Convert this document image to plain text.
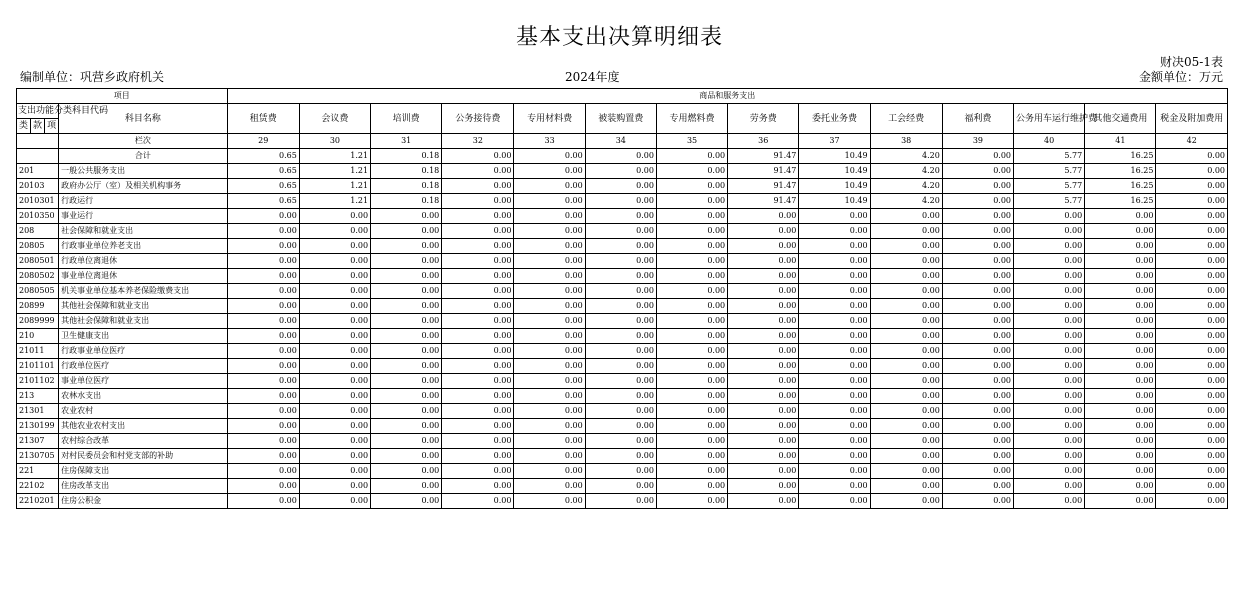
基本支出决算明细表
财决05-1表
编制单位：巩营乡政府机关	2024年度	金额单位：万元
项目				商品和服务支出													
支出功能分类科目代码			科目名称	租赁费	会议费	培训费	公务接待费	专用材料费	被装购置费	专用燃料费	劳务费	委托业务费	工会经费	福利费	公务用车运行维护费	其他交通费用	税金及附加费用
类	款	项															
			栏次	29	30	31	32	33	34	35	36	37	38	39	40	41	42
			合计	0.65	1.21	0.18	0.00	0.00	0.00	0.00	91.47	10.49	4.20	0.00	5.77	16.25	0.00
201			一般公共服务支出	0.65	1.21	0.18	0.00	0.00	0.00	0.00	91.47	10.49	4.20	0.00	5.77	16.25	0.00
20103			政府办公厅（室）及相关机构事务	0.65	1.21	0.18	0.00	0.00	0.00	0.00	91.47	10.49	4.20	0.00	5.77	16.25	0.00
2010301			行政运行	0.65	1.21	0.18	0.00	0.00	0.00	0.00	91.47	10.49	4.20	0.00	5.77	16.25	0.00
2010350			事业运行	0.00	0.00	0.00	0.00	0.00	0.00	0.00	0.00	0.00	0.00	0.00	0.00	0.00	0.00
208			社会保障和就业支出	0.00	0.00	0.00	0.00	0.00	0.00	0.00	0.00	0.00	0.00	0.00	0.00	0.00	0.00
20805			行政事业单位养老支出	0.00	0.00	0.00	0.00	0.00	0.00	0.00	0.00	0.00	0.00	0.00	0.00	0.00	0.00
2080501			行政单位离退休	0.00	0.00	0.00	0.00	0.00	0.00	0.00	0.00	0.00	0.00	0.00	0.00	0.00	0.00
2080502			事业单位离退休	0.00	0.00	0.00	0.00	0.00	0.00	0.00	0.00	0.00	0.00	0.00	0.00	0.00	0.00
2080505			机关事业单位基本养老保险缴费支出	0.00	0.00	0.00	0.00	0.00	0.00	0.00	0.00	0.00	0.00	0.00	0.00	0.00	0.00
20899			其他社会保障和就业支出	0.00	0.00	0.00	0.00	0.00	0.00	0.00	0.00	0.00	0.00	0.00	0.00	0.00	0.00
2089999			其他社会保障和就业支出	0.00	0.00	0.00	0.00	0.00	0.00	0.00	0.00	0.00	0.00	0.00	0.00	0.00	0.00
210			卫生健康支出	0.00	0.00	0.00	0.00	0.00	0.00	0.00	0.00	0.00	0.00	0.00	0.00	0.00	0.00
21011			行政事业单位医疗	0.00	0.00	0.00	0.00	0.00	0.00	0.00	0.00	0.00	0.00	0.00	0.00	0.00	0.00
2101101			行政单位医疗	0.00	0.00	0.00	0.00	0.00	0.00	0.00	0.00	0.00	0.00	0.00	0.00	0.00	0.00
2101102			事业单位医疗	0.00	0.00	0.00	0.00	0.00	0.00	0.00	0.00	0.00	0.00	0.00	0.00	0.00	0.00
213			农林水支出	0.00	0.00	0.00	0.00	0.00	0.00	0.00	0.00	0.00	0.00	0.00	0.00	0.00	0.00
21301			农业农村	0.00	0.00	0.00	0.00	0.00	0.00	0.00	0.00	0.00	0.00	0.00	0.00	0.00	0.00
2130199			其他农业农村支出	0.00	0.00	0.00	0.00	0.00	0.00	0.00	0.00	0.00	0.00	0.00	0.00	0.00	0.00
21307			农村综合改革	0.00	0.00	0.00	0.00	0.00	0.00	0.00	0.00	0.00	0.00	0.00	0.00	0.00	0.00
2130705			对村民委员会和村党支部的补助	0.00	0.00	0.00	0.00	0.00	0.00	0.00	0.00	0.00	0.00	0.00	0.00	0.00	0.00
221			住房保障支出	0.00	0.00	0.00	0.00	0.00	0.00	0.00	0.00	0.00	0.00	0.00	0.00	0.00	0.00
22102			住房改革支出	0.00	0.00	0.00	0.00	0.00	0.00	0.00	0.00	0.00	0.00	0.00	0.00	0.00	0.00
2210201			住房公积金	0.00	0.00	0.00	0.00	0.00	0.00	0.00	0.00	0.00	0.00	0.00	0.00	0.00	0.00
